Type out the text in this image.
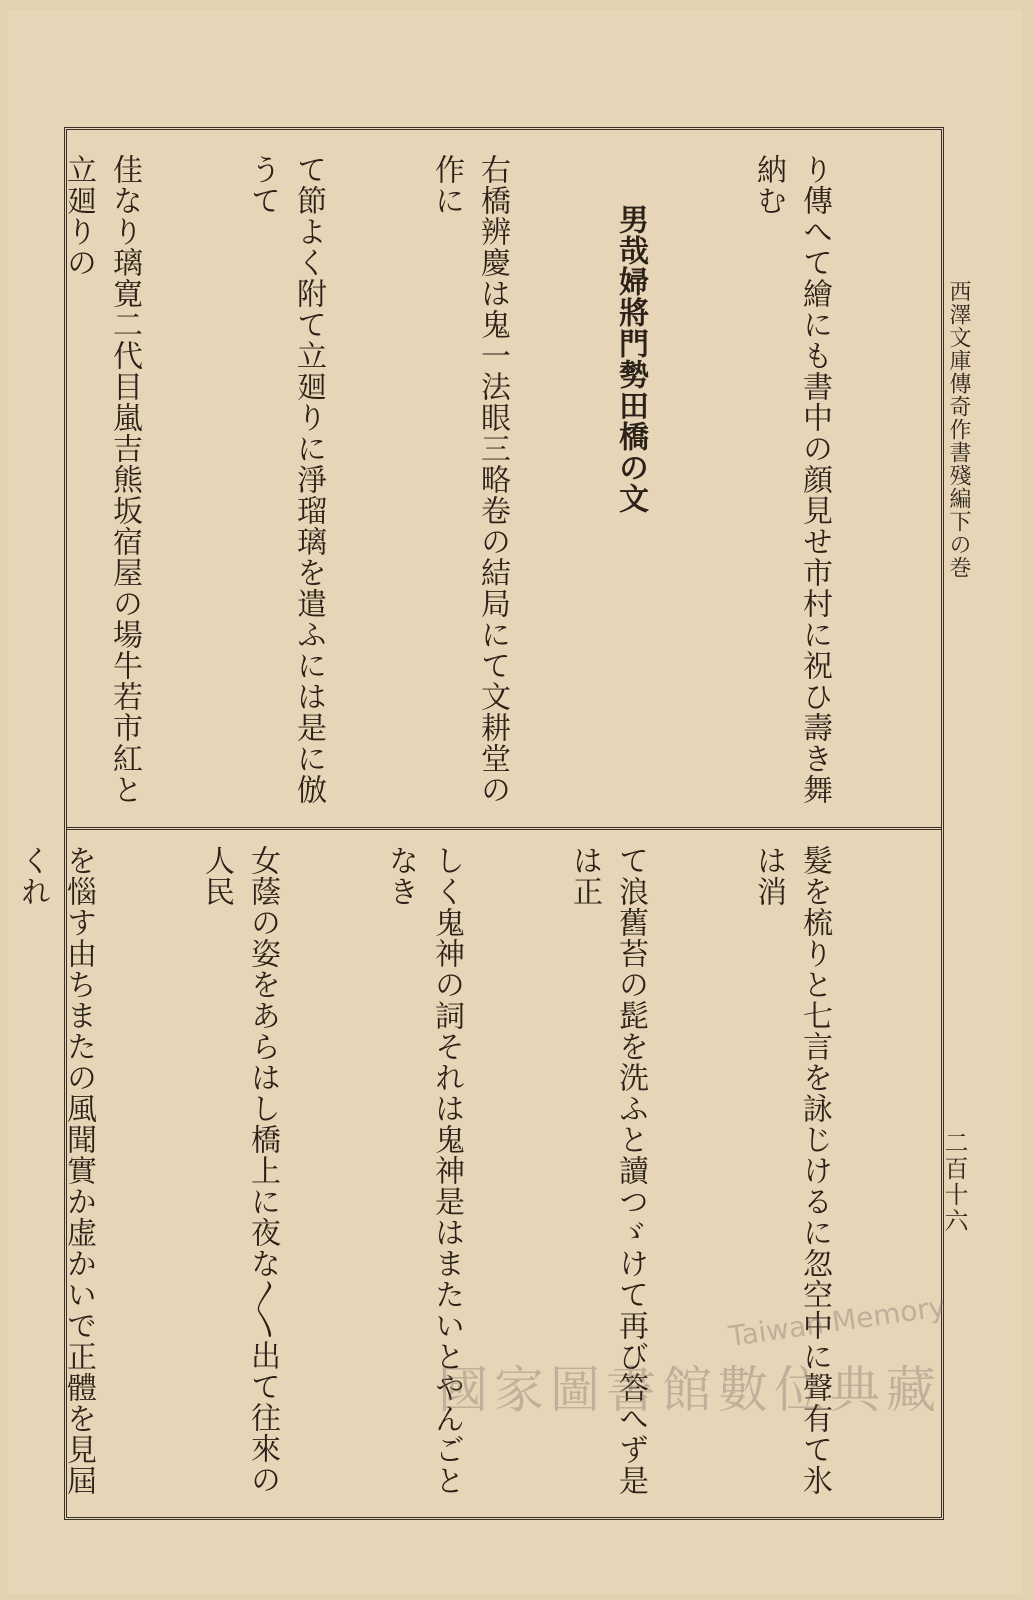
西澤文庫傳奇作書殘編下の巻
二百十六

り傳へて繪にも書中の顔見せ市村に祝ひ壽き舞納む

男哉婦將門勢田橋の文

右橋辨慶は鬼一法眼三略卷の結局にて文耕堂の作に

て節よく附て立廻りに淨瑠璃を遣ふには是に倣うて

佳なり璃寛二代目嵐吉熊坂宿屋の場牛若市紅と立廻りの

髮を梳りと七言を詠じけるに忽空中に聲有て氷は消

て浪舊苔の髭を洗ふと讀つゞけて再び答へず是は正

しく鬼神の詞それは鬼神是はまたいとやんごとなき

女蔭の姿をあらはし橋上に夜な〳〵出て往來の人民

を惱す由ちまたの風聞實か虚かいで正體を見屆くれ

Taiwan Memory
國家圖書館數位典藏
